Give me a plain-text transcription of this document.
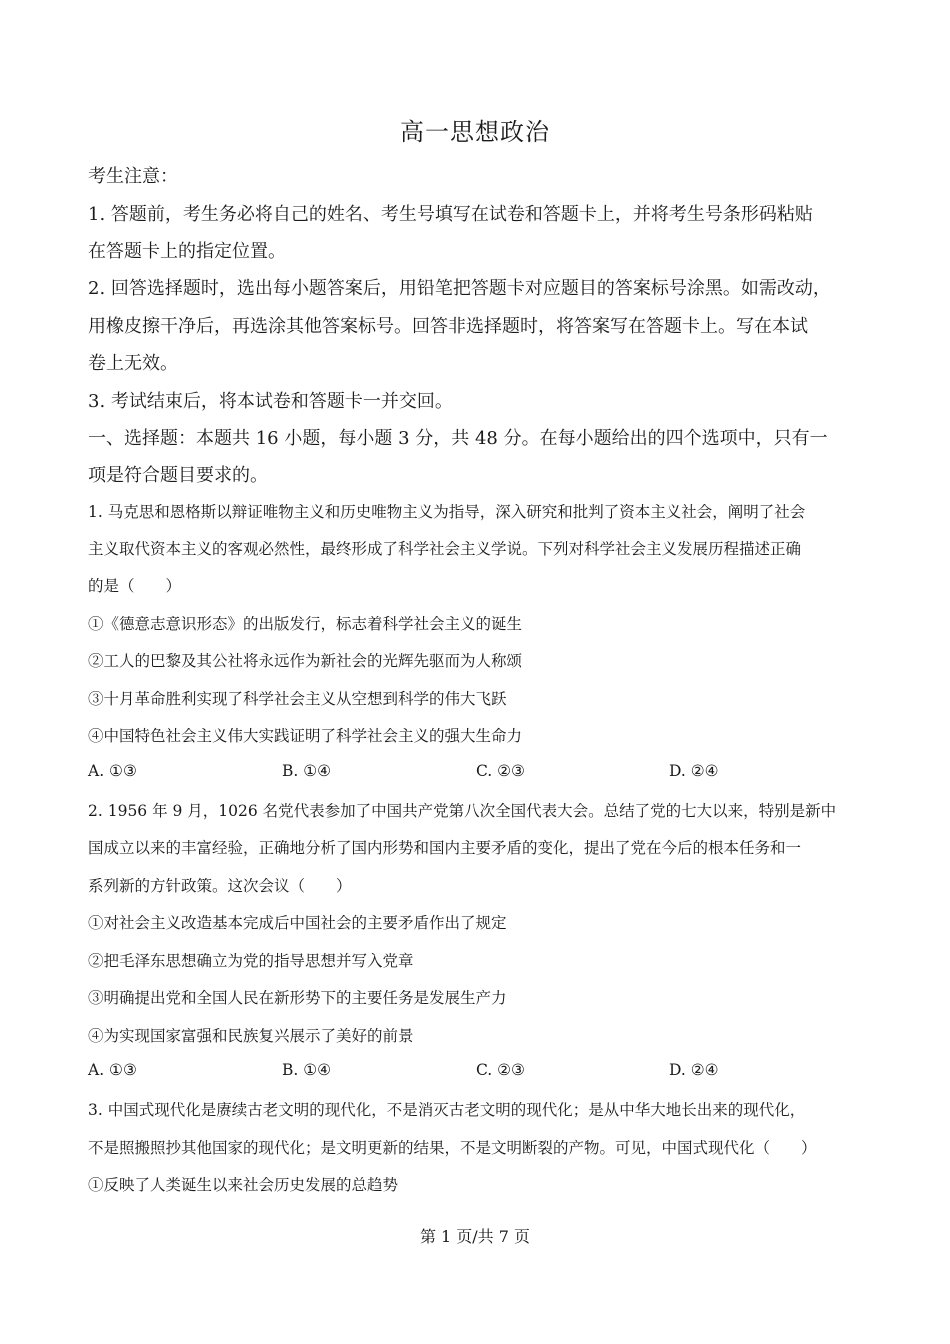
高一思想政治
考生注意：
1. 答题前，考生务必将自己的姓名、考生号填写在试卷和答题卡上，并将考生号条形码粘贴
在答题卡上的指定位置。
2. 回答选择题时，选出每小题答案后，用铅笔把答题卡对应题目的答案标号涂黑。如需改动，
用橡皮擦干净后，再选涂其他答案标号。回答非选择题时，将答案写在答题卡上。写在本试
卷上无效。
3. 考试结束后，将本试卷和答题卡一并交回。
一、选择题：本题共 16 小题，每小题 3 分，共 48 分。在每小题给出的四个选项中，只有一
项是符合题目要求的。
1. 马克思和恩格斯以辩证唯物主义和历史唯物主义为指导，深入研究和批判了资本主义社会，阐明了社会
主义取代资本主义的客观必然性，最终形成了科学社会主义学说。下列对科学社会主义发展历程描述正确
的是（　　）
①《德意志意识形态》的出版发行，标志着科学社会主义的诞生
②工人的巴黎及其公社将永远作为新社会的光辉先驱而为人称颂
③十月革命胜利实现了科学社会主义从空想到科学的伟大飞跃
④中国特色社会主义伟大实践证明了科学社会主义的强大生命力
A. ①③	B. ①④	C. ②③	D. ②④
2. 1956 年 9 月，1026 名党代表参加了中国共产党第八次全国代表大会。总结了党的七大以来，特别是新中
国成立以来的丰富经验，正确地分析了国内形势和国内主要矛盾的变化，提出了党在今后的根本任务和一
系列新的方针政策。这次会议（　　）
①对社会主义改造基本完成后中国社会的主要矛盾作出了规定
②把毛泽东思想确立为党的指导思想并写入党章
③明确提出党和全国人民在新形势下的主要任务是发展生产力
④为实现国家富强和民族复兴展示了美好的前景
A. ①③	B. ①④	C. ②③	D. ②④
3. 中国式现代化是赓续古老文明的现代化，不是消灭古老文明的现代化；是从中华大地长出来的现代化，
不是照搬照抄其他国家的现代化；是文明更新的结果，不是文明断裂的产物。可见，中国式现代化（　　）
①反映了人类诞生以来社会历史发展的总趋势
第 1 页/共 7 页
